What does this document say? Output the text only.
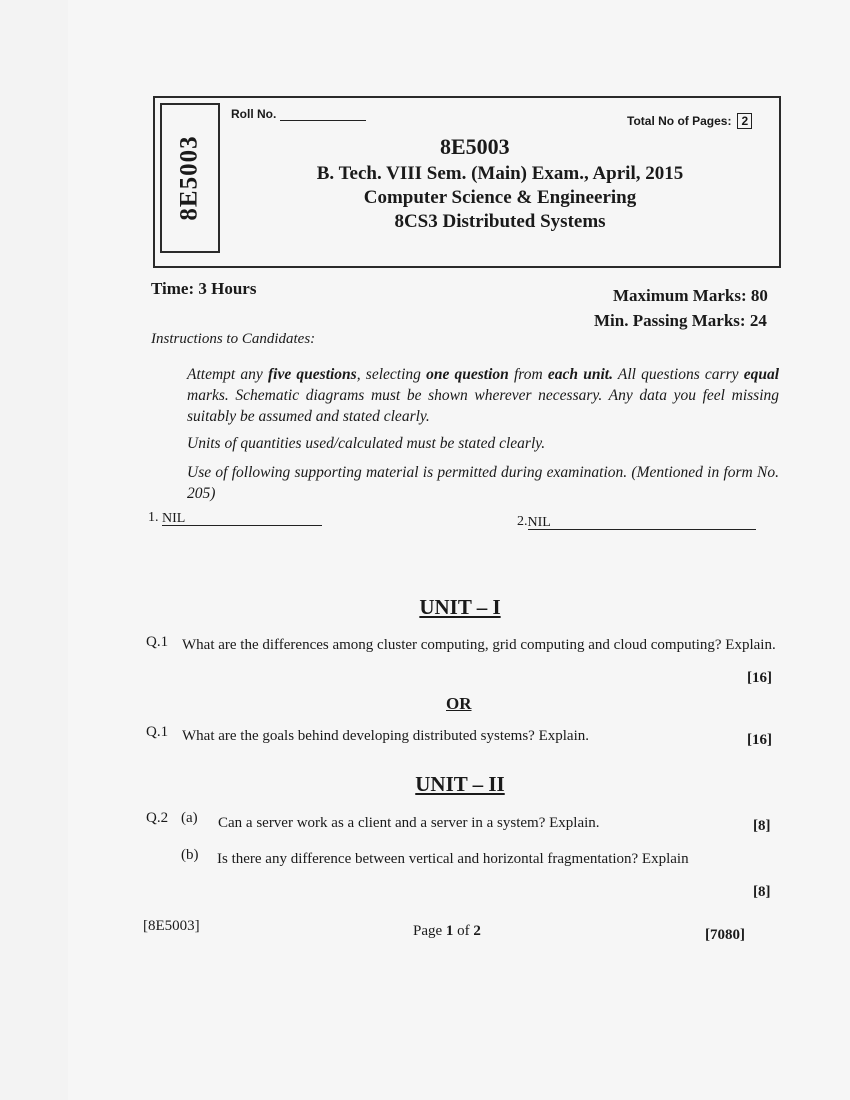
8E5003
Roll No.	Total No of Pages: 2
8E5003
B. Tech. VIII Sem. (Main) Exam., April, 2015
Computer Science & Engineering
8CS3 Distributed Systems
Time: 3 Hours	Maximum Marks: 80
Min. Passing Marks: 24
Instructions to Candidates:
Attempt any five questions, selecting one question from each unit. All questions carry equal marks. Schematic diagrams must be shown wherever necessary. Any data you feel missing suitably be assumed and stated clearly.
Units of quantities used/calculated must be stated clearly.
Use of following supporting material is permitted during examination. (Mentioned in form No. 205)
1. NIL	2.NIL
UNIT – I
Q.1 What are the differences among cluster computing, grid computing and cloud computing? Explain.
[16]
OR
Q.1 What are the goals behind developing distributed systems? Explain.	[16]
UNIT – II
Q.2 (a) Can a server work as a client and a server in a system? Explain.	[8]
(b) Is there any difference between vertical and horizontal fragmentation? Explain
[8]
[8E5003]	Page 1 of 2	[7080]
